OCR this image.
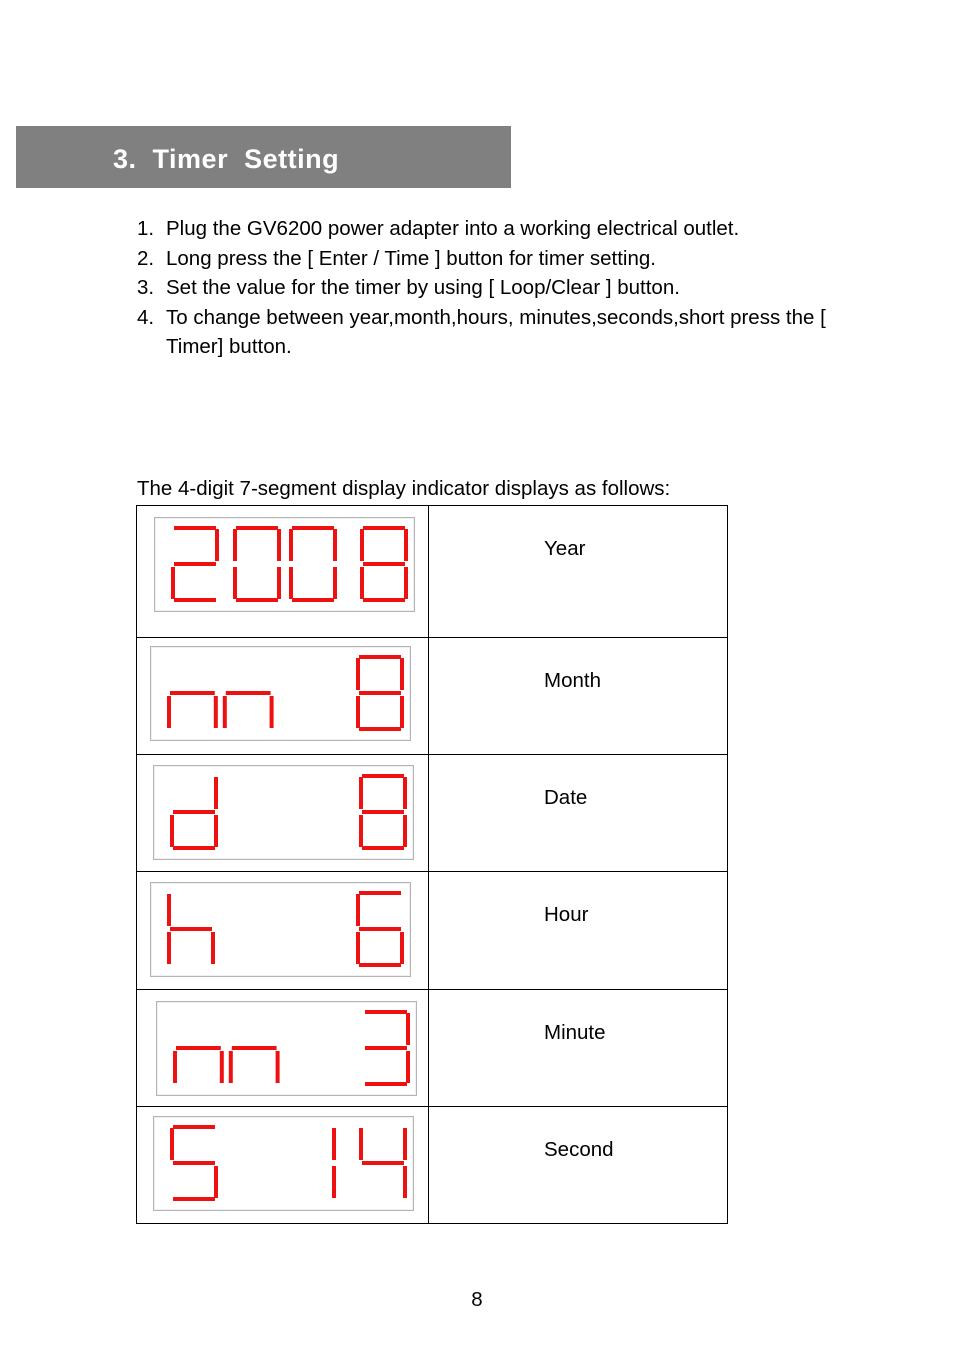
3. Timer  Setting
1. Plug the GV6200 power adapter into a working electrical outlet.
2. Long press the [ Enter / Time ] button for timer setting.
3. Set the value for the timer by using [ Loop/Clear ] button.
4. To change between year,month,hours, minutes,seconds,short press the [ Timer] button.
The 4-digit 7-segment display indicator displays as follows:

Year

Month

Date

Hour

Minute

Second
8
